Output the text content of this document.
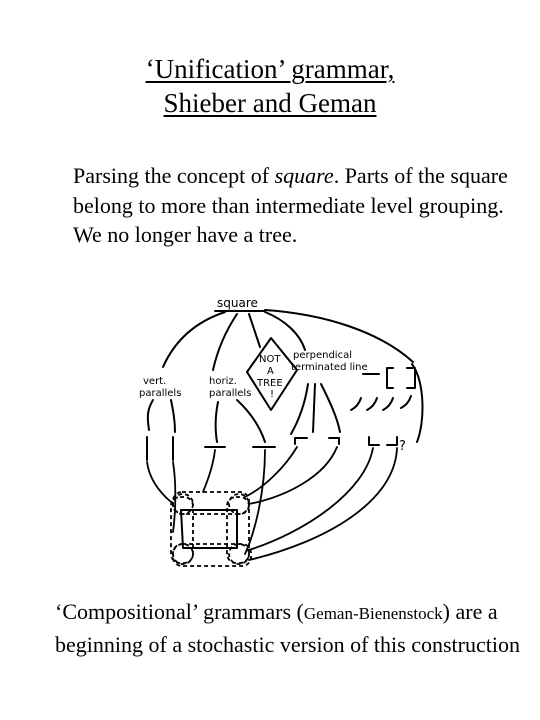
‘Unification’ grammar,
Shieber and Geman
Parsing the concept of square. Parts of the square belong to more than intermediate level grouping. We no longer have a tree.
square
vert.
parallels
horiz.
parallels
NOT
A
TREE
!
perpendical
terminated line
?
‘Compositional’ grammars (Geman-Bienenstock) are a beginning of a stochastic version of this construction
